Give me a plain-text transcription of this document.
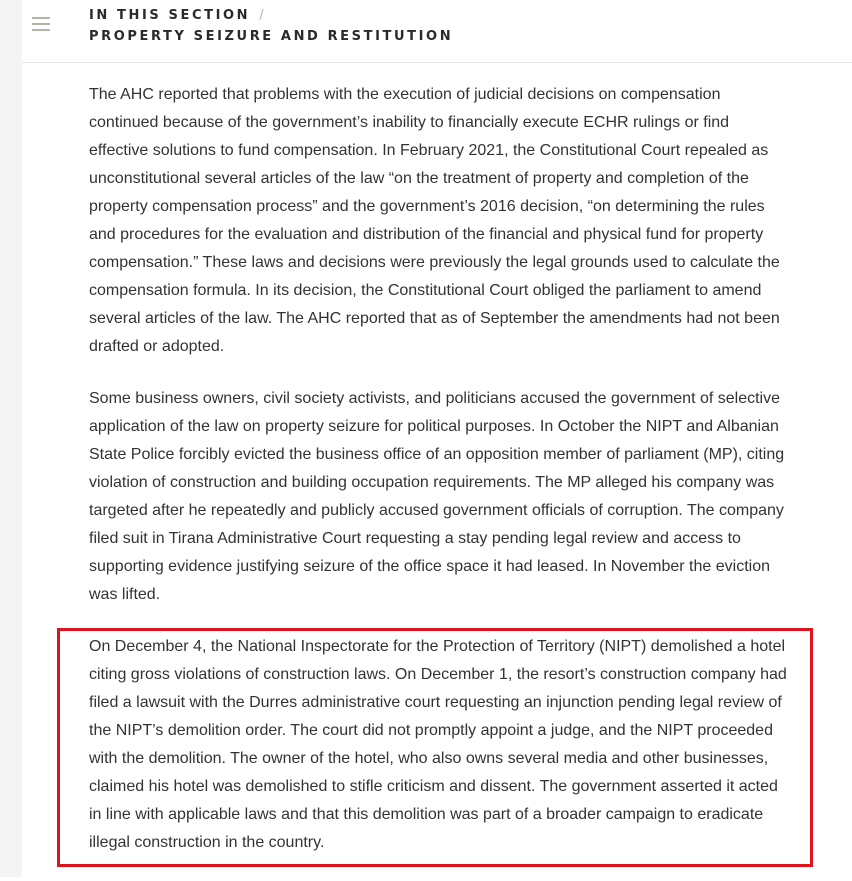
IN THIS SECTION /
PROPERTY SEIZURE AND RESTITUTION

The AHC reported that problems with the execution of judicial decisions on compensation continued because of the government’s inability to financially execute ECHR rulings or find effective solutions to fund compensation. In February 2021, the Constitutional Court repealed as unconstitutional several articles of the law “on the treatment of property and completion of the property compensation process” and the government’s 2016 decision, “on determining the rules and procedures for the evaluation and distribution of the financial and physical fund for property compensation.” These laws and decisions were previously the legal grounds used to calculate the compensation formula. In its decision, the Constitutional Court obliged the parliament to amend several articles of the law. The AHC reported that as of September the amendments had not been drafted or adopted.

Some business owners, civil society activists, and politicians accused the government of selective application of the law on property seizure for political purposes. In October the NIPT and Albanian State Police forcibly evicted the business office of an opposition member of parliament (MP), citing violation of construction and building occupation requirements. The MP alleged his company was targeted after he repeatedly and publicly accused government officials of corruption. The company filed suit in Tirana Administrative Court requesting a stay pending legal review and access to supporting evidence justifying seizure of the office space it had leased. In November the eviction was lifted.

On December 4, the National Inspectorate for the Protection of Territory (NIPT) demolished a hotel citing gross violations of construction laws. On December 1, the resort’s construction company had filed a lawsuit with the Durres administrative court requesting an injunction pending legal review of the NIPT’s demolition order. The court did not promptly appoint a judge, and the NIPT proceeded with the demolition. The owner of the hotel, who also owns several media and other businesses, claimed his hotel was demolished to stifle criticism and dissent. The government asserted it acted in line with applicable laws and that this demolition was part of a broader campaign to eradicate illegal construction in the country.
